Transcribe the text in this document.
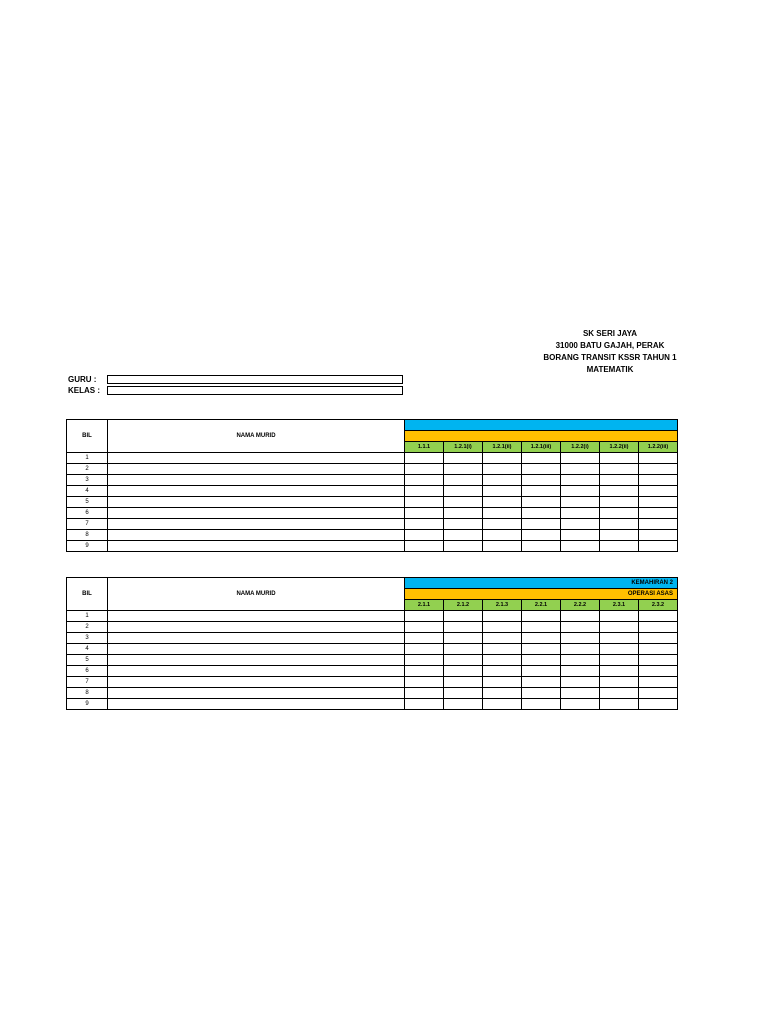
SK SERI JAYA
31000 BATU GAJAH, PERAK
BORANG TRANSIT KSSR TAHUN 1
MATEMATIK
GURU :
KELAS :
BIL	NAMA MURID							

		1.1.1	1.2.1(i)	1.2.1(ii)	1.2.1(iii)	1.2.2(i)	1.2.2(ii)	1.2.2(iii)
1								
2								
3								
4								
5								
6								
7								
8								
9								
BIL	NAMA MURID	KEMAHIRAN 2						
		OPERASI ASAS						
		2.1.1	2.1.2	2.1.3	2.2.1	2.2.2	2.3.1	2.3.2
1								
2								
3								
4								
5								
6								
7								
8								
9								
